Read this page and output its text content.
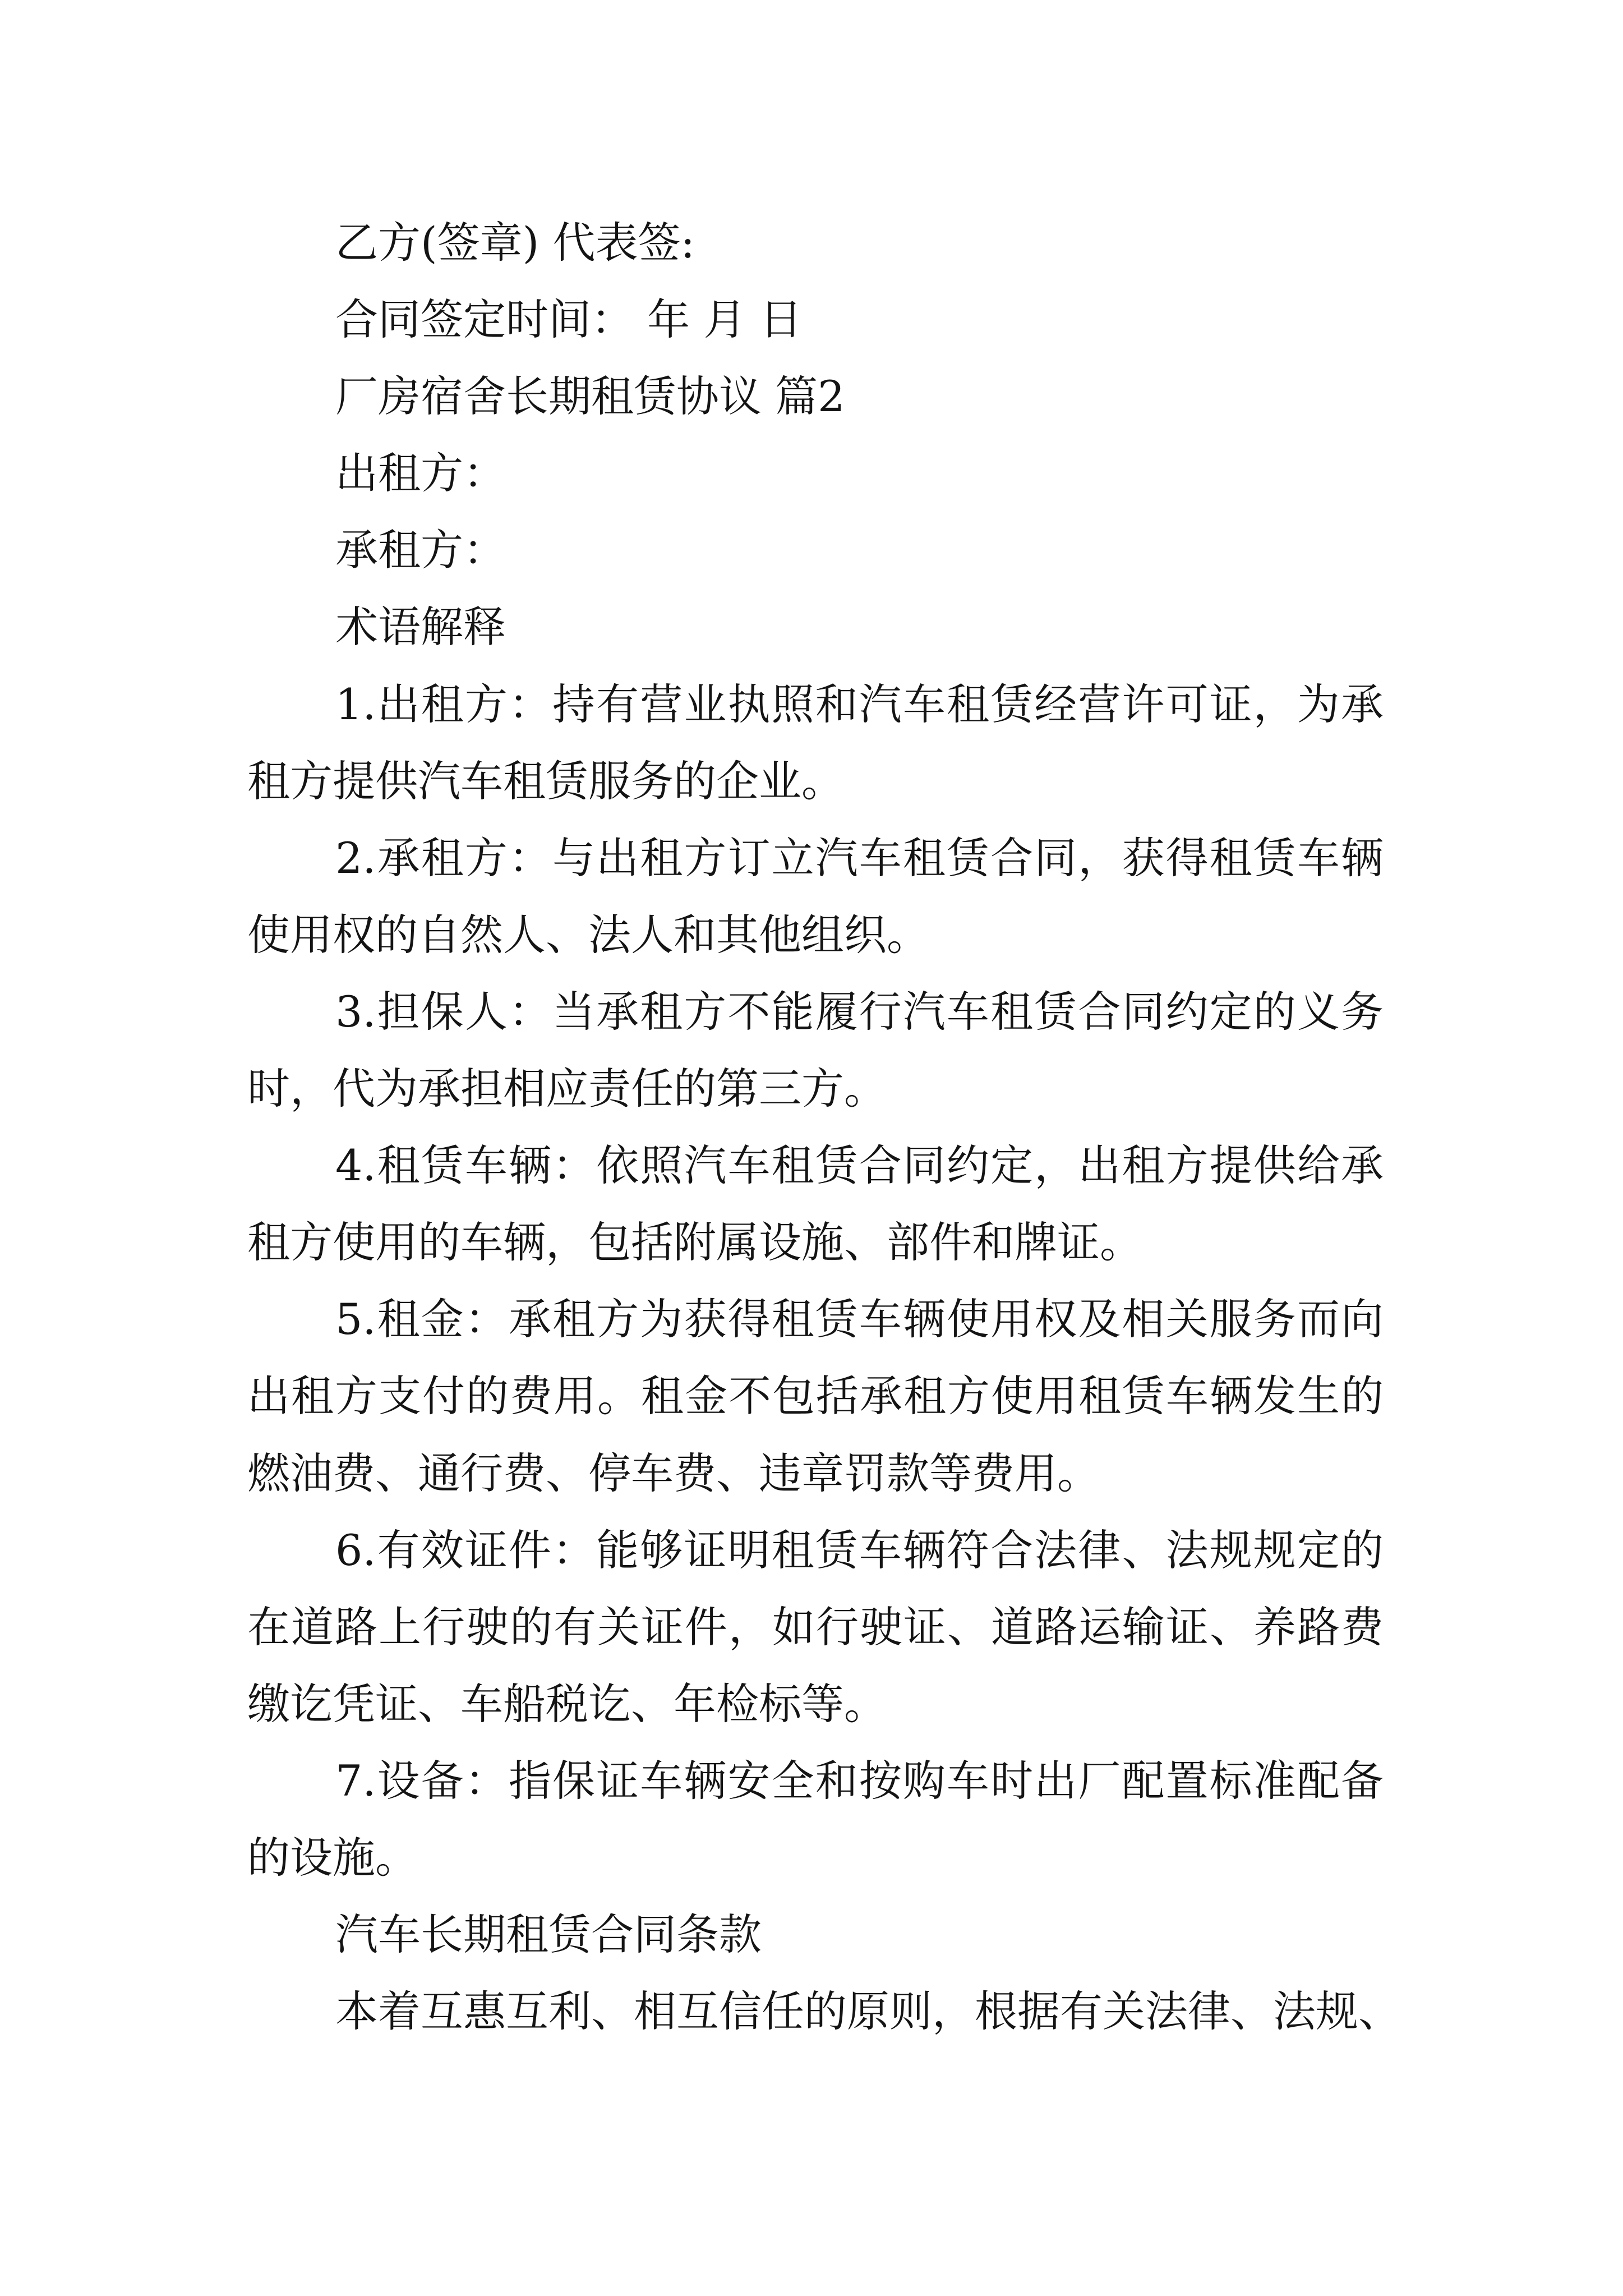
乙方(签章) 代表签:
合同签定时间： 年 月 日
厂房宿舍长期租赁协议 篇2
出租方：
承租方：
术语解释
1.出租方：持有营业执照和汽车租赁经营许可证，为承
租方提供汽车租赁服务的企业。
2.承租方：与出租方订立汽车租赁合同，获得租赁车辆
使用权的自然人、法人和其他组织。
3.担保人：当承租方不能履行汽车租赁合同约定的义务
时，代为承担相应责任的第三方。
4.租赁车辆：依照汽车租赁合同约定，出租方提供给承
租方使用的车辆，包括附属设施、部件和牌证。
5.租金：承租方为获得租赁车辆使用权及相关服务而向
出租方支付的费用。租金不包括承租方使用租赁车辆发生的
燃油费、通行费、停车费、违章罚款等费用。
6.有效证件：能够证明租赁车辆符合法律、法规规定的
在道路上行驶的有关证件，如行驶证、道路运输证、养路费
缴讫凭证、车船税讫、年检标等。
7.设备：指保证车辆安全和按购车时出厂配置标准配备
的设施。
汽车长期租赁合同条款
本着互惠互利、相互信任的原则，根据有关法律、法规、
